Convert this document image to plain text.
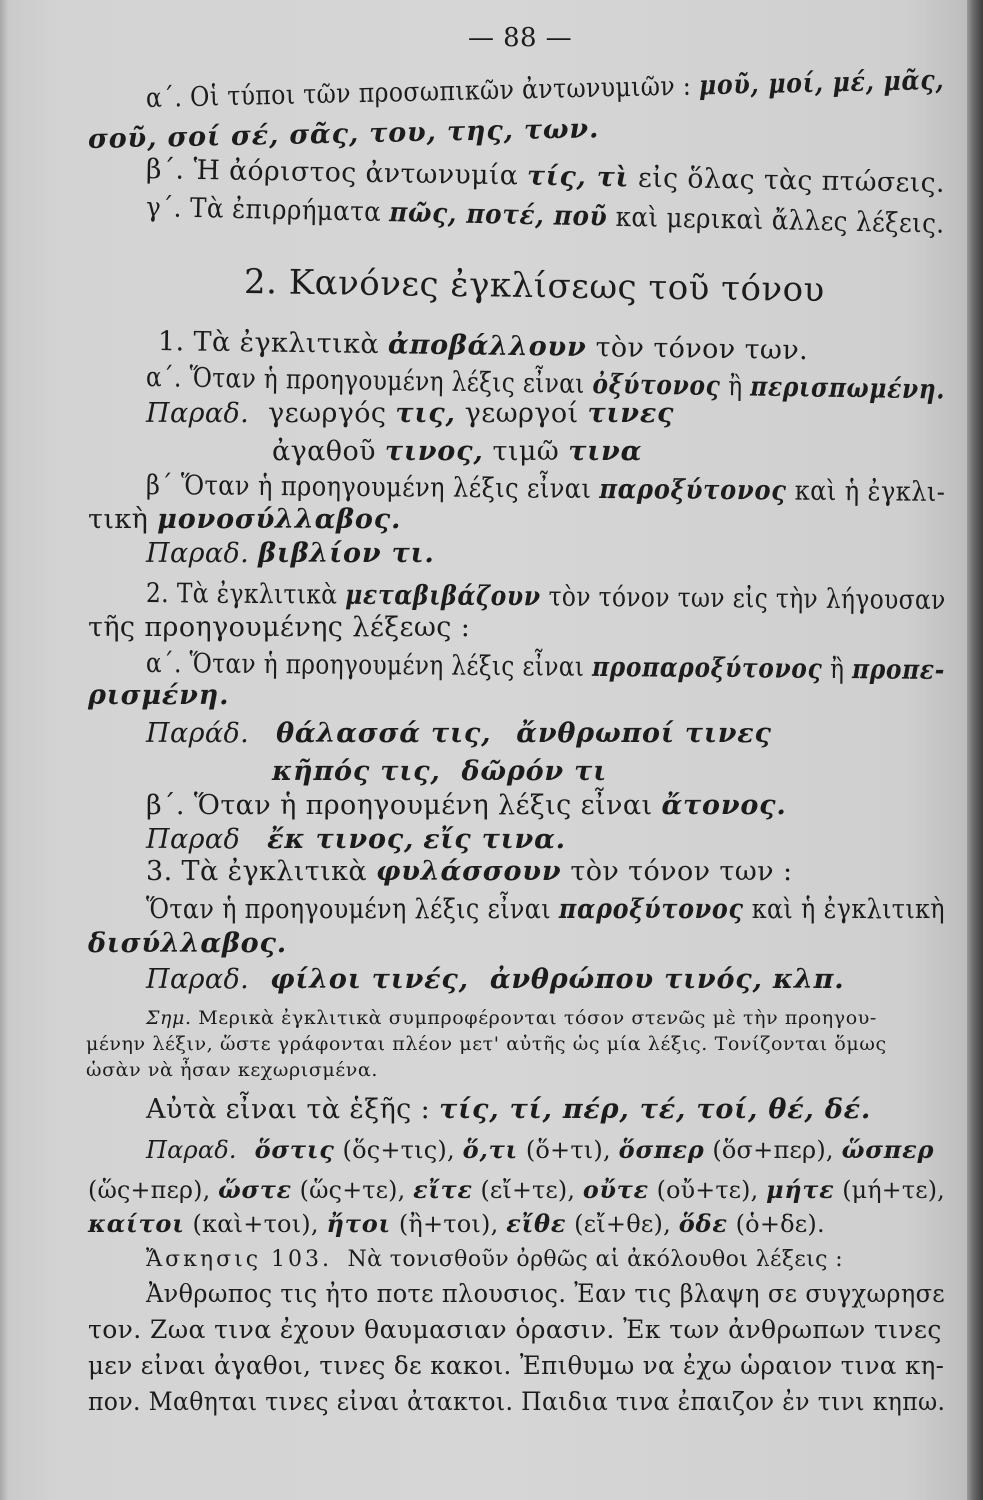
— 88 —
α΄. Οἱ τύποι τῶν προσωπικῶν ἀντωνυμιῶν : μοῦ, μοί, μέ, μᾶς,
σοῦ, σοί σέ, σᾶς, του, της, των.
β΄. Ἡ ἀόριστος ἀντωνυμία τίς, τὶ εἰς ὅλας τὰς πτώσεις.
γ΄. Τὰ ἐπιρρήματα πῶς, ποτέ, ποῦ καὶ μερικαὶ ἄλλες λέξεις.
2. Κανόνες ἐγκλίσεως τοῦ τόνου
1. Τὰ ἐγκλιτικὰ ἀποβάλλουν τὸν τόνον των.
α΄. Ὅταν ἡ προηγουμένη λέξις εἶναι ὀξύτονος ἢ περισπωμένη.
Παραδ. γεωργός τις, γεωργοί τινες
ἀγαθοῦ τινος, τιμῶ τινα
β΄ Ὅταν ἡ προηγουμένη λέξις εἶναι παροξύτονος καὶ ἡ ἐγκλι-
τικὴ μονοσύλλαβος.
Παραδ. βιβλίον τι.
2. Τὰ ἐγκλιτικὰ μεταβιβάζουν τὸν τόνον των εἰς τὴν λήγουσαν
τῆς προηγουμένης λέξεως :
α΄. Ὅταν ἡ προηγουμένη λέξις εἶναι προπαροξύτονος ἢ προπε-
ρισμένη.
Παράδ. θάλασσά τις, ἄνθρωποί τινες
κῆπός τις, δῶρόν τι
β΄. Ὅταν ἡ προηγουμένη λέξις εἶναι ἄτονος.
Παραδ ἔκ τινος, εἴς τινα.
3. Τὰ ἐγκλιτικὰ φυλάσσουν τὸν τόνον των :
Ὅταν ἡ προηγουμένη λέξις εἶναι παροξύτονος καὶ ἡ ἐγκλιτικὴ
δισύλλαβος.
Παραδ. φίλοι τινές, ἀνθρώπου τινός, κλπ.
Σημ. Μερικὰ ἐγκλιτικὰ συμπροφέρονται τόσον στενῶς μὲ τὴν προηγου-
μένην λέξιν, ὥστε γράφονται πλέον μετ' αὐτῆς ὡς μία λέξις. Τονίζονται ὅμως
ὡσὰν νὰ ἦσαν κεχωρισμένα.
Αὐτὰ εἶναι τὰ ἑξῆς : τίς, τί, πέρ, τέ, τοί, θέ, δέ.
Παραδ. ὅστις (ὅς+τις), ὅ,τι (ὅ+τι), ὅσπερ (ὅσ+περ), ὥσπερ
(ὥς+περ), ὥστε (ὥς+τε), εἴτε (εἴ+τε), οὔτε (οὔ+τε), μήτε (μή+τε),
καίτοι (καὶ+τοι), ἤτοι (ἢ+τοι), εἴθε (εἴ+θε), ὅδε (ὁ+δε).
Ἄσκησις 103. Νὰ τονισθοῦν ὀρθῶς αἱ ἀκόλουθοι λέξεις :
Ἀνθρωπος τις ἠτο ποτε πλουσιος. Ἐαν τις βλαψη σε συγχωρησε
τον. Ζωα τινα ἐχουν θαυμασιαν ὁρασιν. Ἐκ των ἀνθρωπων τινες
μεν εἰναι ἀγαθοι, τινες δε κακοι. Ἐπιθυμω να ἐχω ὡραιον τινα κη-
πον. Μαθηται τινες εἰναι ἀτακτοι. Παιδια τινα ἐπαιζον ἐν τινι κηπω.
